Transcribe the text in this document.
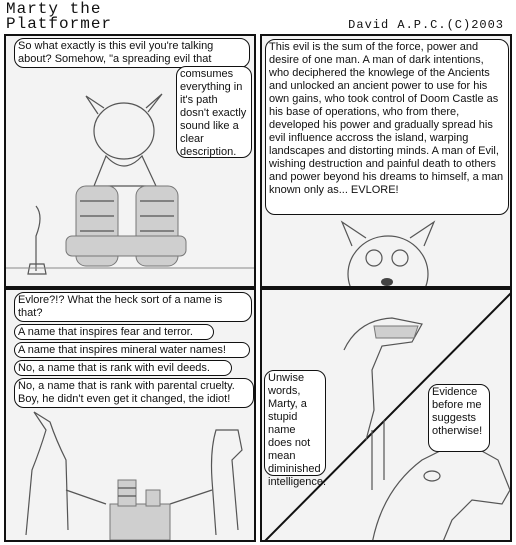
Marty the
Platformer	David A.P.C.(C)2003
So what exactly is this evil you're talking about? Somehow, "a spreading evil that
comsumes everything in it's path dosn't exactly sound like a clear description.
This evil is the sum of the force, power and desire of one man. A man of dark intentions, who deciphered the knowlege of the Ancients and unlocked an ancient power to use for his own gains, who took control of Doom Castle as his base of operations, who from there, developed his power and gradually spread his evil influence accross the island, warping landscapes and distorting minds. A man of Evil, wishing destruction and painful death to others and power beyond his dreams to himself, a man known only as... EVLORE!
Evlore?!? What the heck sort of a name is that?
A name that inspires fear and terror.
A name that inspires mineral water names!
No, a name that is rank with evil deeds.
No, a name that is rank with parental cruelty. Boy, he didn't even get it changed, the idiot!
Unwise words, Marty, a stupid name does not mean diminished intelligence.
Evidence before me suggests otherwise!
